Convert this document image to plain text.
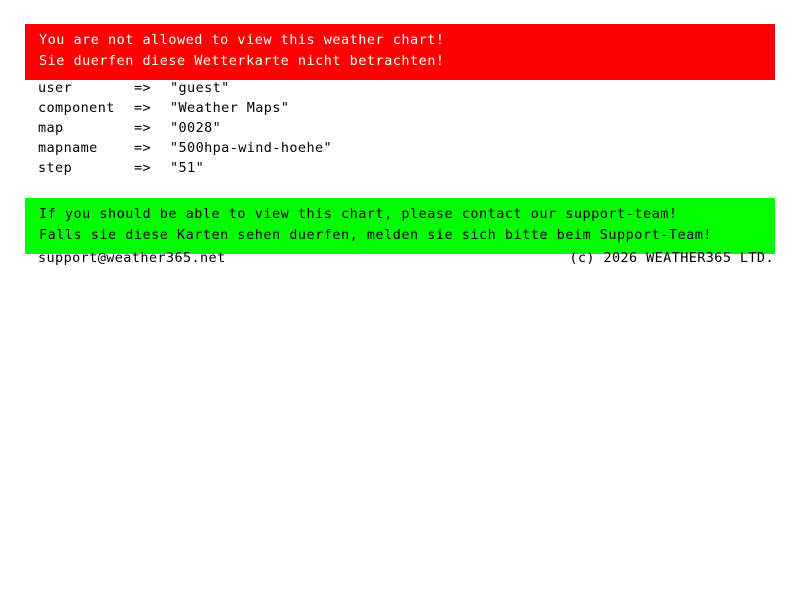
You are not allowed to view this weather chart!
Sie duerfen diese Wetterkarte nicht betrachten!
user	=>	"guest"
component	=>	"Weather Maps"
map	=>	"0028"
mapname	=>	"500hpa-wind-hoehe"
step	=>	"51"
If you should be able to view this chart, please contact our support-team!
Falls sie diese Karten sehen duerfen, melden sie sich bitte beim Support-Team!
support@weather365.net	(c) 2026 WEATHER365 LTD.
